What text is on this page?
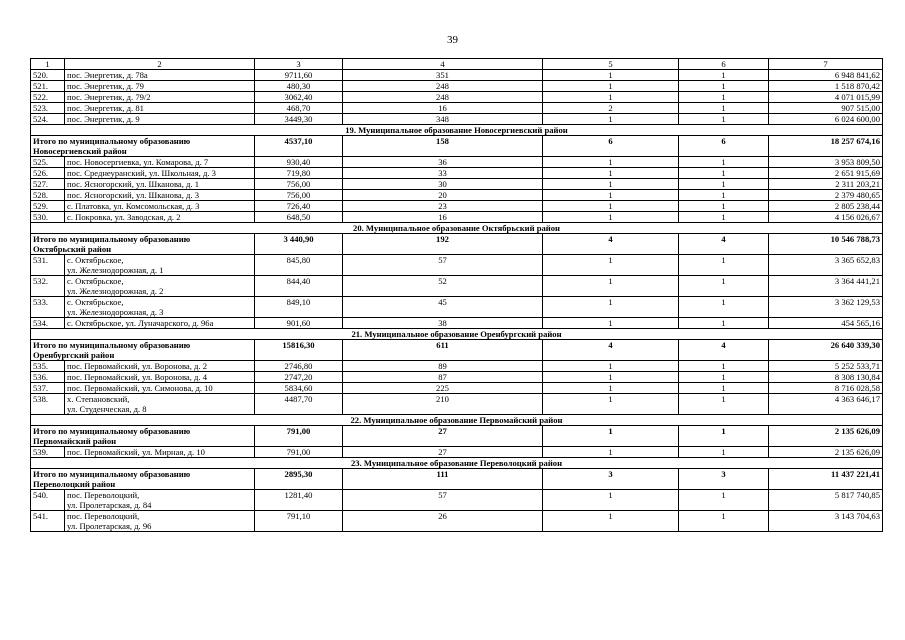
39
1	2	3	4	5	6	7
520.	пос. Энергетик, д. 78а	9711,60	351	1	1	6 948 841,62
521.	пос. Энергетик, д. 79	480,30	248	1	1	1 518 870,42
522.	пос. Энергетик, д. 79/2	3062,40	248	1	1	4 071 015,99
523.	пос. Энергетик, д. 81	468,70	16	2	1	907 515,00
524.	пос. Энергетик, д. 9	3449,30	348	1	1	6 024 600,00
19. Муниципальное образование Новосергиевский район						

Итого по муниципальному образованию
Новосергиевский район		4537,10	158	6	6	18 257 674,16
525.	пос. Новосергиевка, ул. Комарова, д. 7	930,40	36	1	1	3 953 809,50
526.	пос. Среднеуранский, ул. Школьная, д. 3	719,80	33	1	1	2 651 915,69
527.	пос. Ясногорский, ул. Шканова, д. 1	756,00	30	1	1	2 311 203,21
528.	пос. Ясногорский, ул. Шканова, д. 3	756,00	20	1	1	2 379 480,65
529.	с. Платовка, ул. Комсомольская, д. 3	726,40	23	1	1	2 805 238,44
530.	с. Покровка, ул. Заводская, д. 2	648,50	16	1	1	4 156 026,67
20. Муниципальное образование Октябрьский район						

Итого по муниципальному образованию
Октябрьский район		3 440,90	192	4	4	10 546 788,73
531.	с. Октябрьское,
ул. Железнодорожная, д. 1	845,80	57	1	1	3 365 652,83
532.	с. Октябрьское,
ул. Железнодорожная, д. 2	844,40	52	1	1	3 364 441,21
533.	с. Октябрьское,
ул. Железнодорожная, д. 3	849,10	45	1	1	3 362 129,53
534.	с. Октябрьское, ул. Луначарского, д. 96а	901,60	38	1	1	454 565,16
21. Муниципальное образование Оренбургский район						

Итого по муниципальному образованию
Оренбургский район		15816,30	611	4	4	26 640 339,30
535.	пос. Первомайский, ул. Воронова, д. 2	2746,80	89	1	1	5 252 533,71
536.	пос. Первомайский, ул. Воронова, д. 4	2747,20	87	1	1	8 308 130,84
537.	пос. Первомайский, ул. Симонова, д. 10	5834,60	225	1	1	8 716 028,58
538.	х. Степановский,
ул. Студенческая, д. 8	4487,70	210	1	1	4 363 646,17
22. Муниципальное образование Первомайский район						

Итого по муниципальному образованию
Первомайский район		791,00	27	1	1	2 135 626,09
539.	пос. Первомайский, ул. Мирная, д. 10	791,00	27	1	1	2 135 626,09
23. Муниципальное образование Переволоцкий район						

Итого по муниципальному образованию
Переволоцкий район		2895,30	111	3	3	11 437 221,41
540.	пос. Переволоцкий,
ул. Пролетарская, д. 84	1281,40	57	1	1	5 817 740,85
541.	пос. Переволоцкий,
ул. Пролетарская, д. 96	791,10	26	1	1	3 143 704,63
